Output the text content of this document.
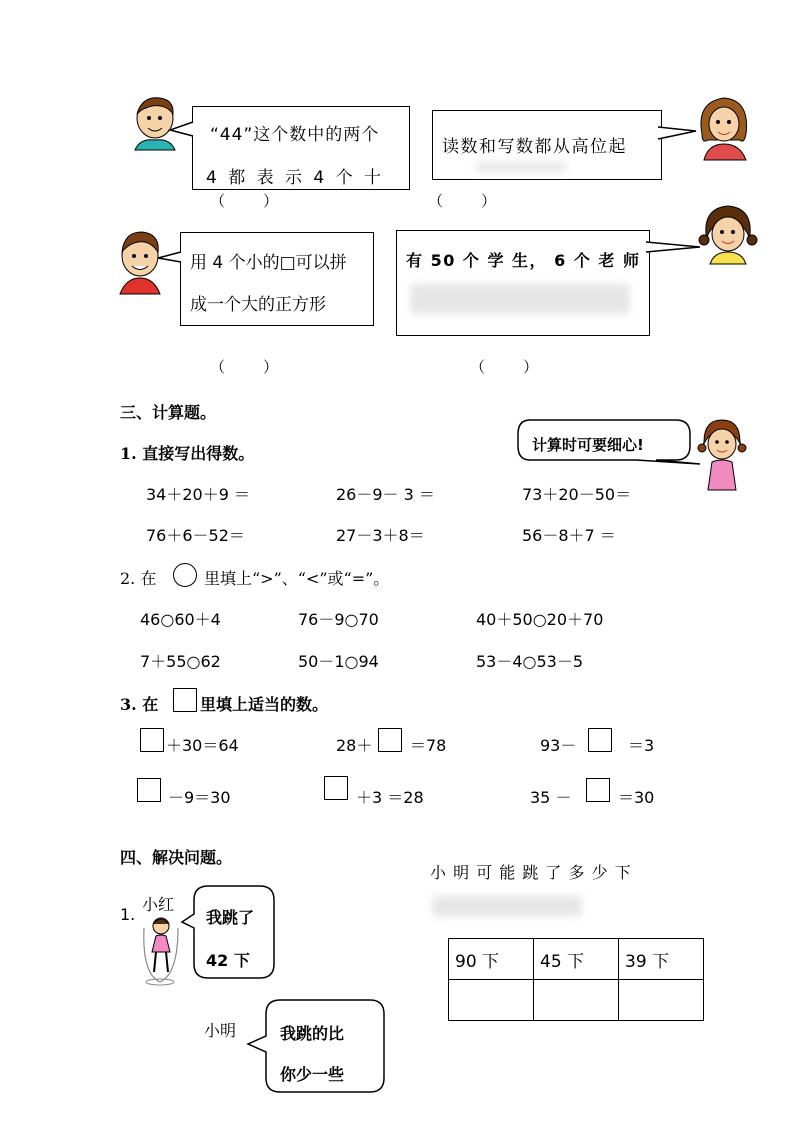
“44”这个数中的两个
4 都 表 示 4 个 十
（        ）
读数和写数都从高位起
（        ）
用 4 个小的□可以拼
成一个大的正方形
（        ）
有 50 个 学 生， 6 个 老 师
（        ）
三、计算题。
计算时可要细心!
1. 直接写出得数。
34＋20＋9 ＝	26－9－ 3 ＝	73＋20－50＝
76＋6－52＝	27－3＋8＝	56－8＋7 ＝
2. 在	里填上“>”、“<”或“=”。
46○60＋4	76－9○70	40＋50○20＋70
7＋55○62	50－1○94	53－4○53－5
3. 在	里填上适当的数。
＋30＝64	28＋ ＝78	93－	＝3
－9＝30	＋3 ＝28	35 －	＝30
四、解决问题。
1.
小红
我跳了
42 下
小明	我跳的比
你少一些
小 明 可 能 跳 了 多 少 下
90 下	45 下	39 下
